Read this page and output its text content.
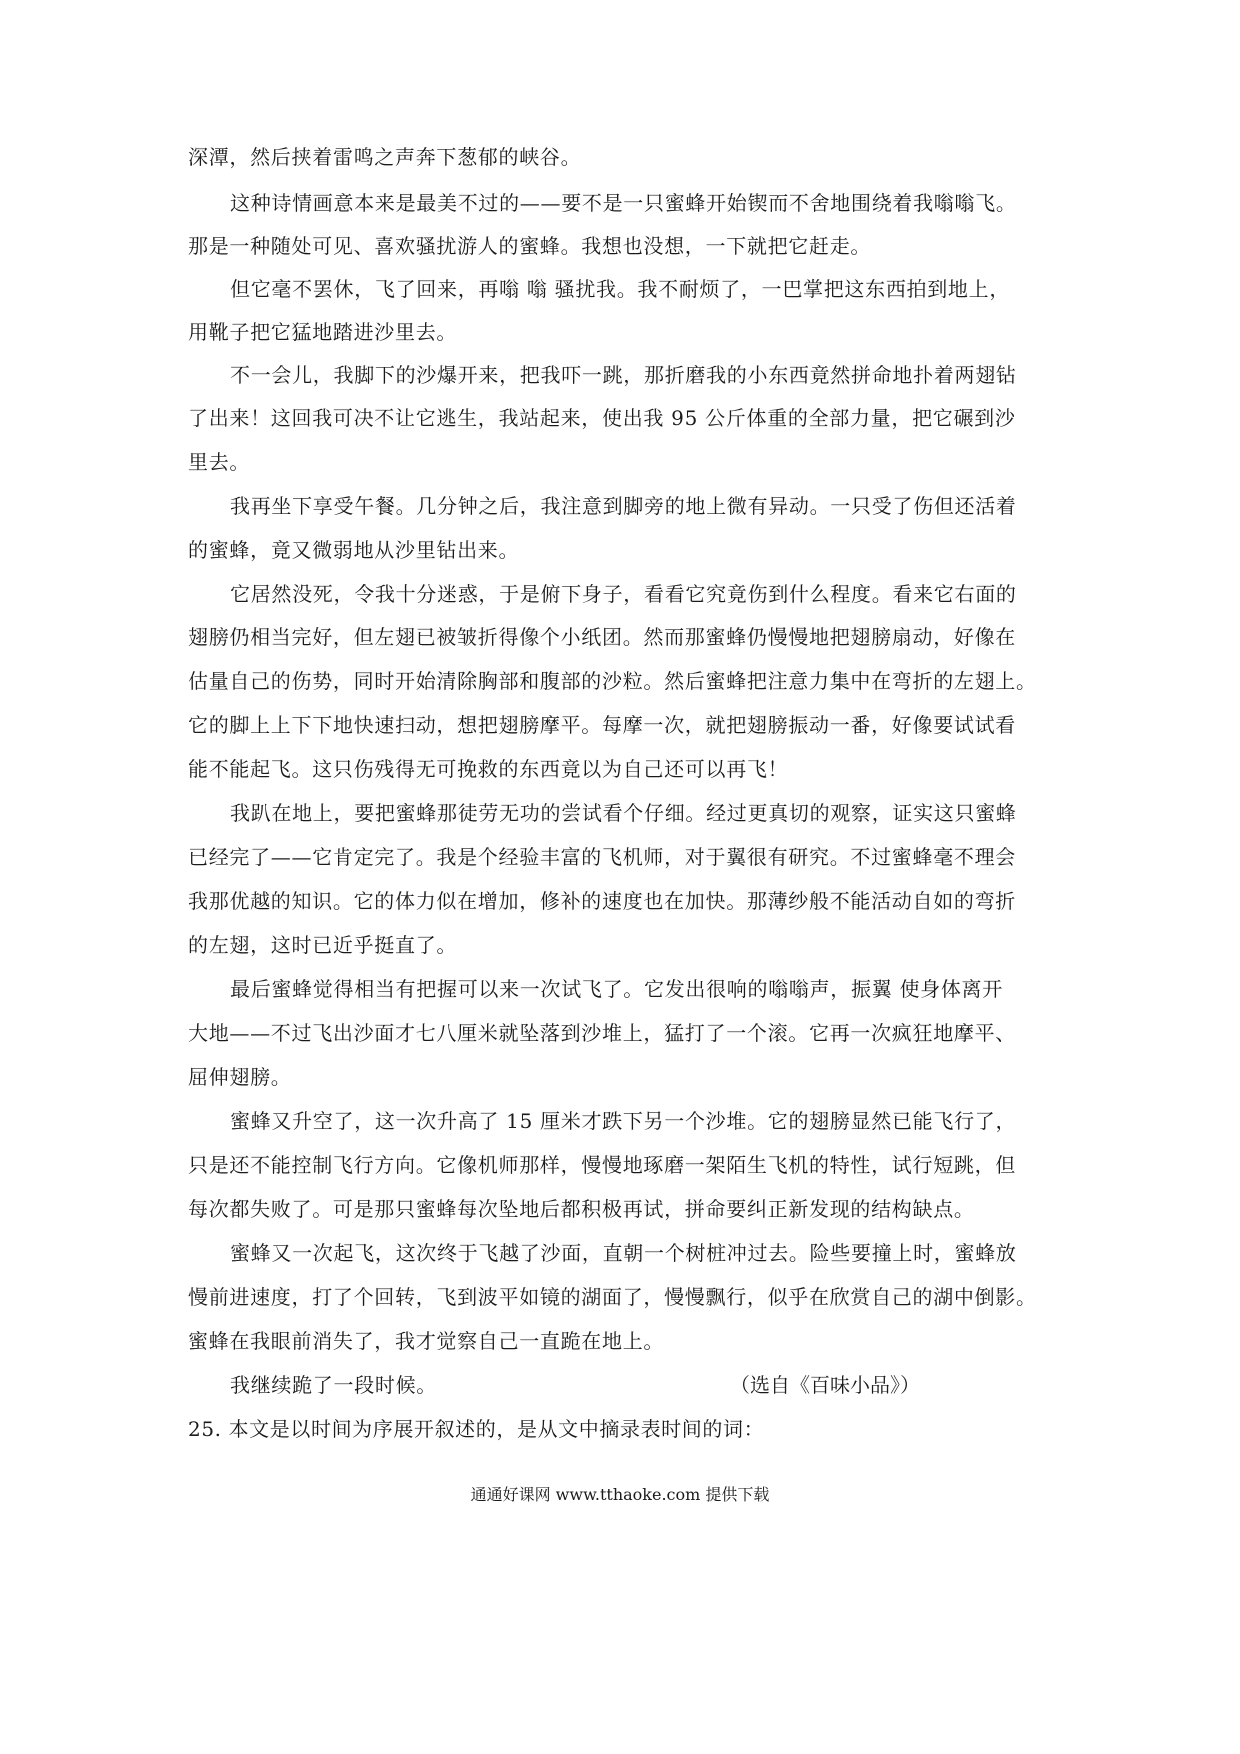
深潭，然后挟着雷鸣之声奔下葱郁的峡谷。
这种诗情画意本来是最美不过的——要不是一只蜜蜂开始锲而不舍地围绕着我嗡嗡飞。
那是一种随处可见、喜欢骚扰游人的蜜蜂。我想也没想，一下就把它赶走。
但它毫不罢休，飞了回来，再嗡 嗡 骚扰我。我不耐烦了，一巴掌把这东西拍到地上，
用靴子把它猛地踏进沙里去。
不一会儿，我脚下的沙爆开来，把我吓一跳，那折磨我的小东西竟然拼命地扑着两翅钻
了出来！这回我可决不让它逃生，我站起来，使出我 95 公斤体重的全部力量，把它碾到沙
里去。
我再坐下享受午餐。几分钟之后，我注意到脚旁的地上微有异动。一只受了伤但还活着
的蜜蜂，竟又微弱地从沙里钻出来。
它居然没死，令我十分迷惑，于是俯下身子，看看它究竟伤到什么程度。看来它右面的
翅膀仍相当完好，但左翅已被皱折得像个小纸团。然而那蜜蜂仍慢慢地把翅膀扇动，好像在
估量自己的伤势，同时开始清除胸部和腹部的沙粒。然后蜜蜂把注意力集中在弯折的左翅上。
它的脚上上下下地快速扫动，想把翅膀摩平。每摩一次，就把翅膀振动一番，好像要试试看
能不能起飞。这只伤残得无可挽救的东西竟以为自己还可以再飞！
我趴在地上，要把蜜蜂那徒劳无功的尝试看个仔细。经过更真切的观察，证实这只蜜蜂
已经完了——它肯定完了。我是个经验丰富的飞机师，对于翼很有研究。不过蜜蜂毫不理会
我那优越的知识。它的体力似在增加，修补的速度也在加快。那薄纱般不能活动自如的弯折
的左翅，这时已近乎挺直了。
最后蜜蜂觉得相当有把握可以来一次试飞了。它发出很响的嗡嗡声，振翼 使身体离开
大地——不过飞出沙面才七八厘米就坠落到沙堆上，猛打了一个滚。它再一次疯狂地摩平、
屈伸翅膀。
蜜蜂又升空了，这一次升高了 15 厘米才跌下另一个沙堆。它的翅膀显然已能飞行了，
只是还不能控制飞行方向。它像机师那样，慢慢地琢磨一架陌生飞机的特性，试行短跳，但
每次都失败了。可是那只蜜蜂每次坠地后都积极再试，拼命要纠正新发现的结构缺点。
蜜蜂又一次起飞，这次终于飞越了沙面，直朝一个树桩冲过去。险些要撞上时，蜜蜂放
慢前进速度，打了个回转，飞到波平如镜的湖面了，慢慢飘行，似乎在欣赏自己的湖中倒影。
蜜蜂在我眼前消失了，我才觉察自己一直跪在地上。
我继续跪了一段时候。	（选自《百味小品》）
25. 本文是以时间为序展开叙述的，是从文中摘录表时间的词：
通通好课网 www.tthaoke.com 提供下载
